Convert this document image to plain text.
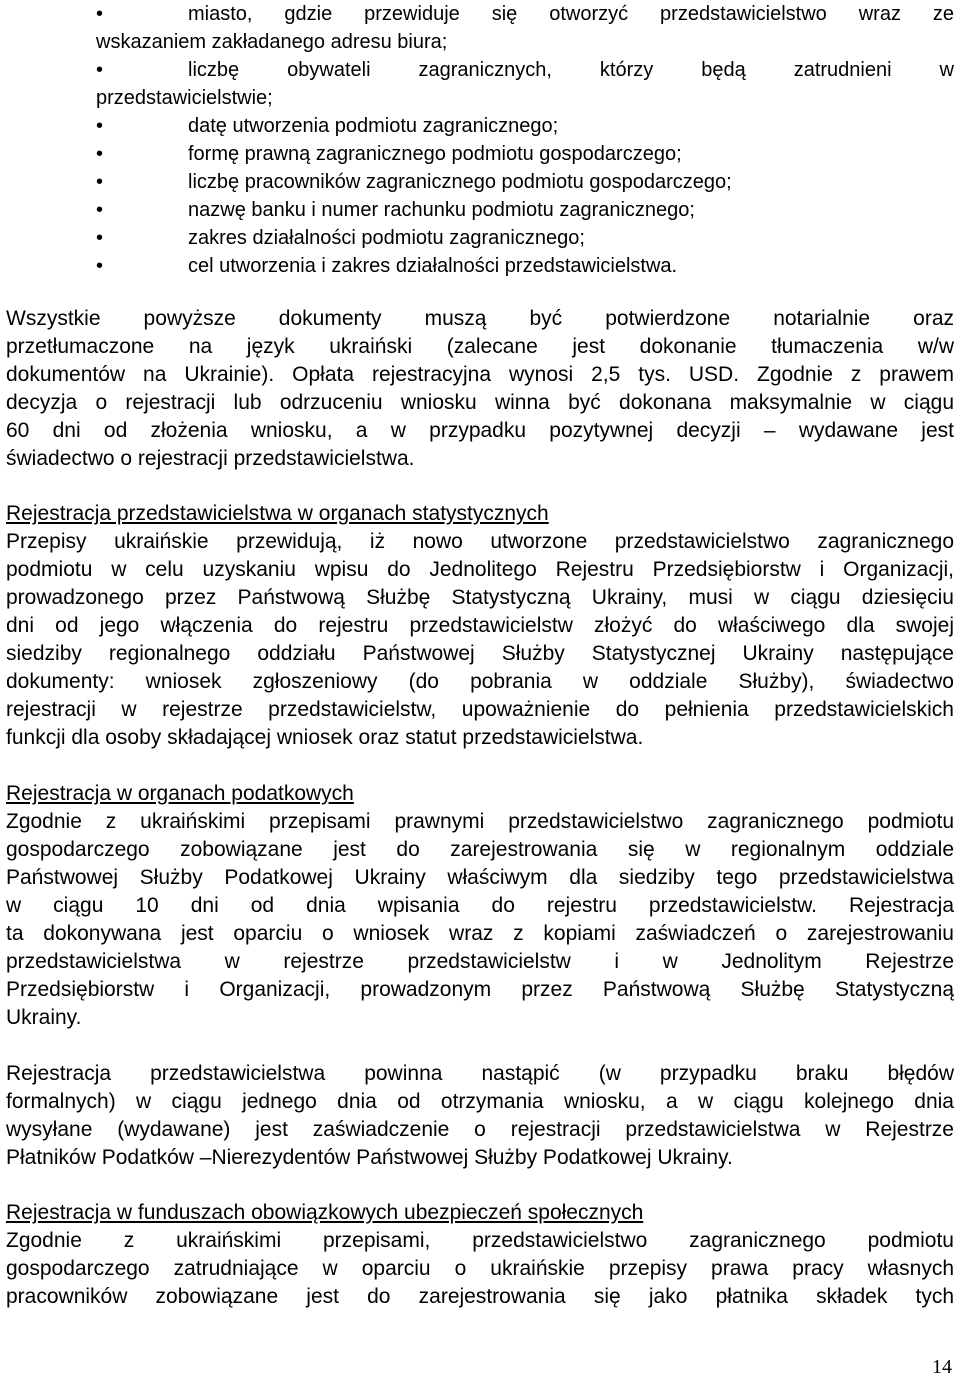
•	miasto, gdzie przewiduje się otworzyć przedstawicielstwo wraz ze
wskazaniem zakładanego adresu biura;
•	liczbę obywateli zagranicznych, którzy będą zatrudnieni w
przedstawicielstwie;
•	datę utworzenia podmiotu zagranicznego;
•	formę prawną zagranicznego podmiotu gospodarczego;
•	liczbę pracowników zagranicznego podmiotu gospodarczego;
•	nazwę banku i numer rachunku podmiotu zagranicznego;
•	zakres działalności podmiotu zagranicznego;
•	cel utworzenia i zakres działalności przedstawicielstwa.
Wszystkie powyższe dokumenty muszą być potwierdzone notarialnie oraz
przetłumaczone na język ukraiński (zalecane jest dokonanie tłumaczenia w/w
dokumentów na Ukrainie). Opłata rejestracyjna wynosi 2,5 tys. USD. Zgodnie z prawem
decyzja o rejestracji lub odrzuceniu wniosku winna być dokonana maksymalnie w ciągu
60 dni od złożenia wniosku, a w przypadku pozytywnej decyzji – wydawane jest
świadectwo o rejestracji przedstawicielstwa.
Rejestracja przedstawicielstwa w organach statystycznych
Przepisy ukraińskie przewidują, iż nowo utworzone przedstawicielstwo zagranicznego
podmiotu w celu uzyskaniu wpisu do Jednolitego Rejestru Przedsiębiorstw i Organizacji,
prowadzonego przez Państwową Służbę Statystyczną Ukrainy, musi w ciągu dziesięciu
dni od jego włączenia do rejestru przedstawicielstw złożyć do właściwego dla swojej
siedziby regionalnego oddziału Państwowej Służby Statystycznej Ukrainy następujące
dokumenty: wniosek zgłoszeniowy (do pobrania w oddziale Służby), świadectwo
rejestracji w rejestrze przedstawicielstw, upoważnienie do pełnienia przedstawicielskich
funkcji dla osoby składającej wniosek oraz statut przedstawicielstwa.
Rejestracja w organach podatkowych
Zgodnie z ukraińskimi przepisami prawnymi przedstawicielstwo zagranicznego podmiotu
gospodarczego zobowiązane jest do zarejestrowania się w regionalnym oddziale
Państwowej Służby Podatkowej Ukrainy właściwym dla siedziby tego przedstawicielstwa
w ciągu 10 dni od dnia wpisania do rejestru przedstawicielstw. Rejestracja
ta dokonywana jest oparciu o wniosek wraz z kopiami zaświadczeń o zarejestrowaniu
przedstawicielstwa w rejestrze przedstawicielstw i w Jednolitym Rejestrze
Przedsiębiorstw i Organizacji, prowadzonym przez Państwową Służbę Statystyczną
Ukrainy.
Rejestracja przedstawicielstwa powinna nastąpić (w przypadku braku błędów
formalnych) w ciągu jednego dnia od otrzymania wniosku, a w ciągu kolejnego dnia
wysyłane (wydawane) jest zaświadczenie o rejestracji przedstawicielstwa w Rejestrze
Płatników Podatków –Nierezydentów Państwowej Służby Podatkowej Ukrainy.
Rejestracja w funduszach obowiązkowych ubezpieczeń społecznych
Zgodnie z ukraińskimi przepisami, przedstawicielstwo zagranicznego podmiotu
gospodarczego zatrudniające w oparciu o ukraińskie przepisy prawa pracy własnych
pracowników zobowiązane jest do zarejestrowania się jako płatnika składek tych
14
